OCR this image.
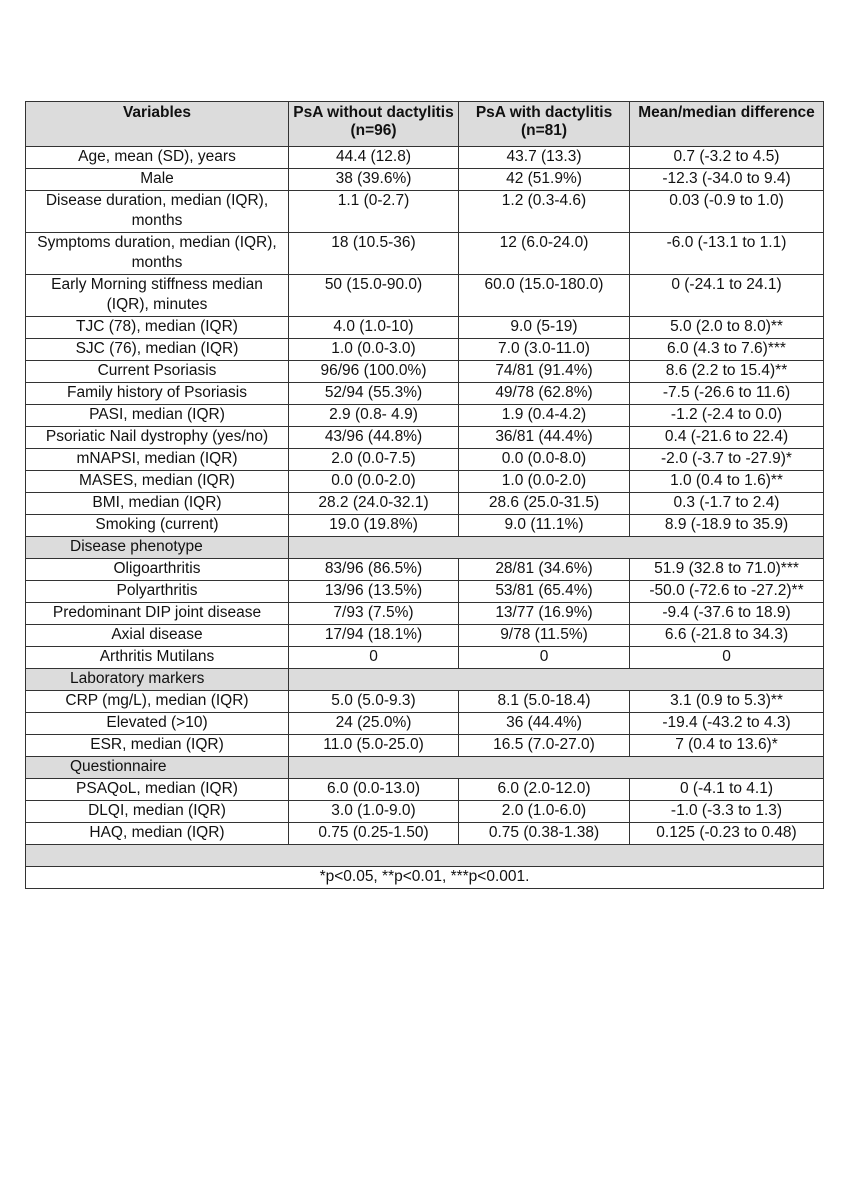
Variables	PsA without dactylitis (n=96)	PsA with dactylitis (n=81)	Mean/median difference
Age, mean (SD), years	44.4 (12.8)	43.7 (13.3)	0.7 (-3.2 to 4.5)
Male	38 (39.6%)	42 (51.9%)	-12.3 (-34.0 to 9.4)
Disease duration, median (IQR), months	1.1 (0-2.7)	1.2 (0.3-4.6)	0.03 (-0.9 to 1.0)
Symptoms duration, median (IQR), months	18 (10.5-36)	12 (6.0-24.0)	-6.0 (-13.1 to 1.1)
Early Morning stiffness median (IQR), minutes	50 (15.0-90.0)	60.0 (15.0-180.0)	0 (-24.1 to 24.1)
TJC (78), median (IQR)	4.0 (1.0-10)	9.0 (5-19)	5.0 (2.0 to 8.0)**
SJC (76), median (IQR)	1.0 (0.0-3.0)	7.0 (3.0-11.0)	6.0 (4.3 to 7.6)***
Current Psoriasis	96/96 (100.0%)	74/81 (91.4%)	8.6 (2.2 to 15.4)**
Family history of Psoriasis	52/94 (55.3%)	49/78 (62.8%)	-7.5 (-26.6 to 11.6)
PASI, median (IQR)	2.9 (0.8- 4.9)	1.9 (0.4-4.2)	-1.2 (-2.4 to 0.0)
Psoriatic Nail dystrophy (yes/no)	43/96 (44.8%)	36/81 (44.4%)	0.4 (-21.6 to 22.4)
mNAPSI, median (IQR)	2.0 (0.0-7.5)	0.0 (0.0-8.0)	-2.0 (-3.7 to -27.9)*
MASES, median (IQR)	0.0 (0.0-2.0)	1.0 (0.0-2.0)	1.0 (0.4 to 1.6)**
BMI, median (IQR)	28.2 (24.0-32.1)	28.6 (25.0-31.5)	0.3 (-1.7 to 2.4)
Smoking (current)	19.0 (19.8%)	9.0 (11.1%)	8.9 (-18.9 to 35.9)
Disease phenotype			
Oligoarthritis	83/96 (86.5%)	28/81 (34.6%)	51.9 (32.8 to 71.0)***
Polyarthritis	13/96 (13.5%)	53/81 (65.4%)	-50.0 (-72.6 to -27.2)**
Predominant DIP joint disease	7/93 (7.5%)	13/77 (16.9%)	-9.4 (-37.6 to 18.9)
Axial disease	17/94 (18.1%)	9/78 (11.5%)	6.6 (-21.8 to 34.3)
Arthritis Mutilans	0	0	0
Laboratory markers			
CRP (mg/L), median (IQR)	5.0 (5.0-9.3)	8.1 (5.0-18.4)	3.1 (0.9 to 5.3)**
Elevated (>10)	24 (25.0%)	36 (44.4%)	-19.4 (-43.2 to 4.3)
ESR, median (IQR)	11.0 (5.0-25.0)	16.5 (7.0-27.0)	7 (0.4 to 13.6)*
Questionnaire			
PSAQoL, median (IQR)	6.0 (0.0-13.0)	6.0 (2.0-12.0)	0 (-4.1 to 4.1)
DLQI, median (IQR)	3.0 (1.0-9.0)	2.0 (1.0-6.0)	-1.0 (-3.3 to 1.3)
HAQ, median (IQR)	0.75 (0.25-1.50)	0.75 (0.38-1.38)	0.125 (-0.23 to 0.48)

*p<0.05, **p<0.01, ***p<0.001.			
